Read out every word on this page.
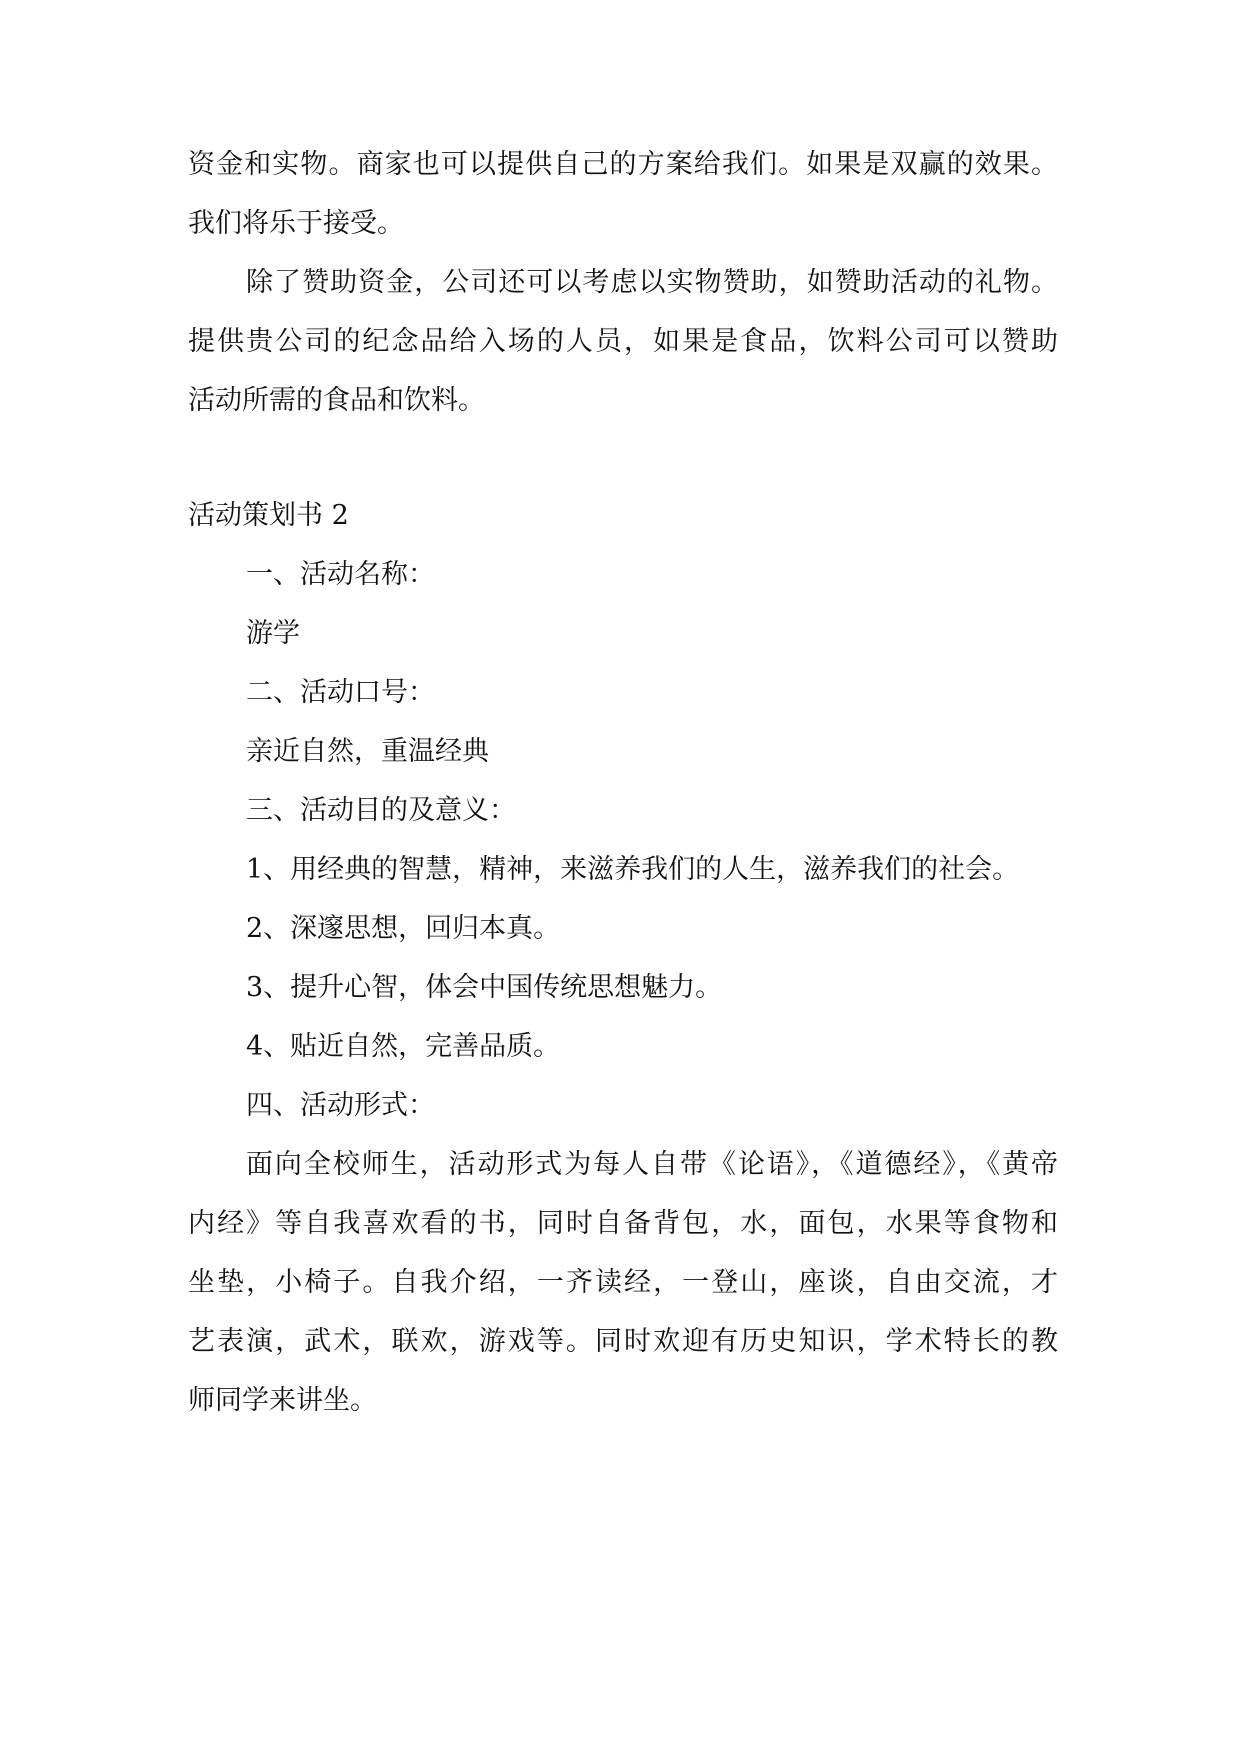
资金和实物。商家也可以提供自己的方案给我们。如果是双赢的效果。

我们将乐于接受。

除了赞助资金，公司还可以考虑以实物赞助，如赞助活动的礼物。

提供贵公司的纪念品给入场的人员，如果是食品，饮料公司可以赞助

活动所需的食品和饮料。

活动策划书 2

一、活动名称：

游学

二、活动口号：

亲近自然，重温经典

三、活动目的及意义：

1、用经典的智慧，精神，来滋养我们的人生，滋养我们的社会。

2、深邃思想，回归本真。

3、提升心智，体会中国传统思想魅力。

4、贴近自然，完善品质。

四、活动形式：

面向全校师生，活动形式为每人自带《论语》，《道德经》，《黄帝

内经》等自我喜欢看的书，同时自备背包，水，面包，水果等食物和

坐垫，小椅子。自我介绍，一齐读经，一登山，座谈，自由交流，才

艺表演，武术，联欢，游戏等。同时欢迎有历史知识，学术特长的教

师同学来讲坐。
